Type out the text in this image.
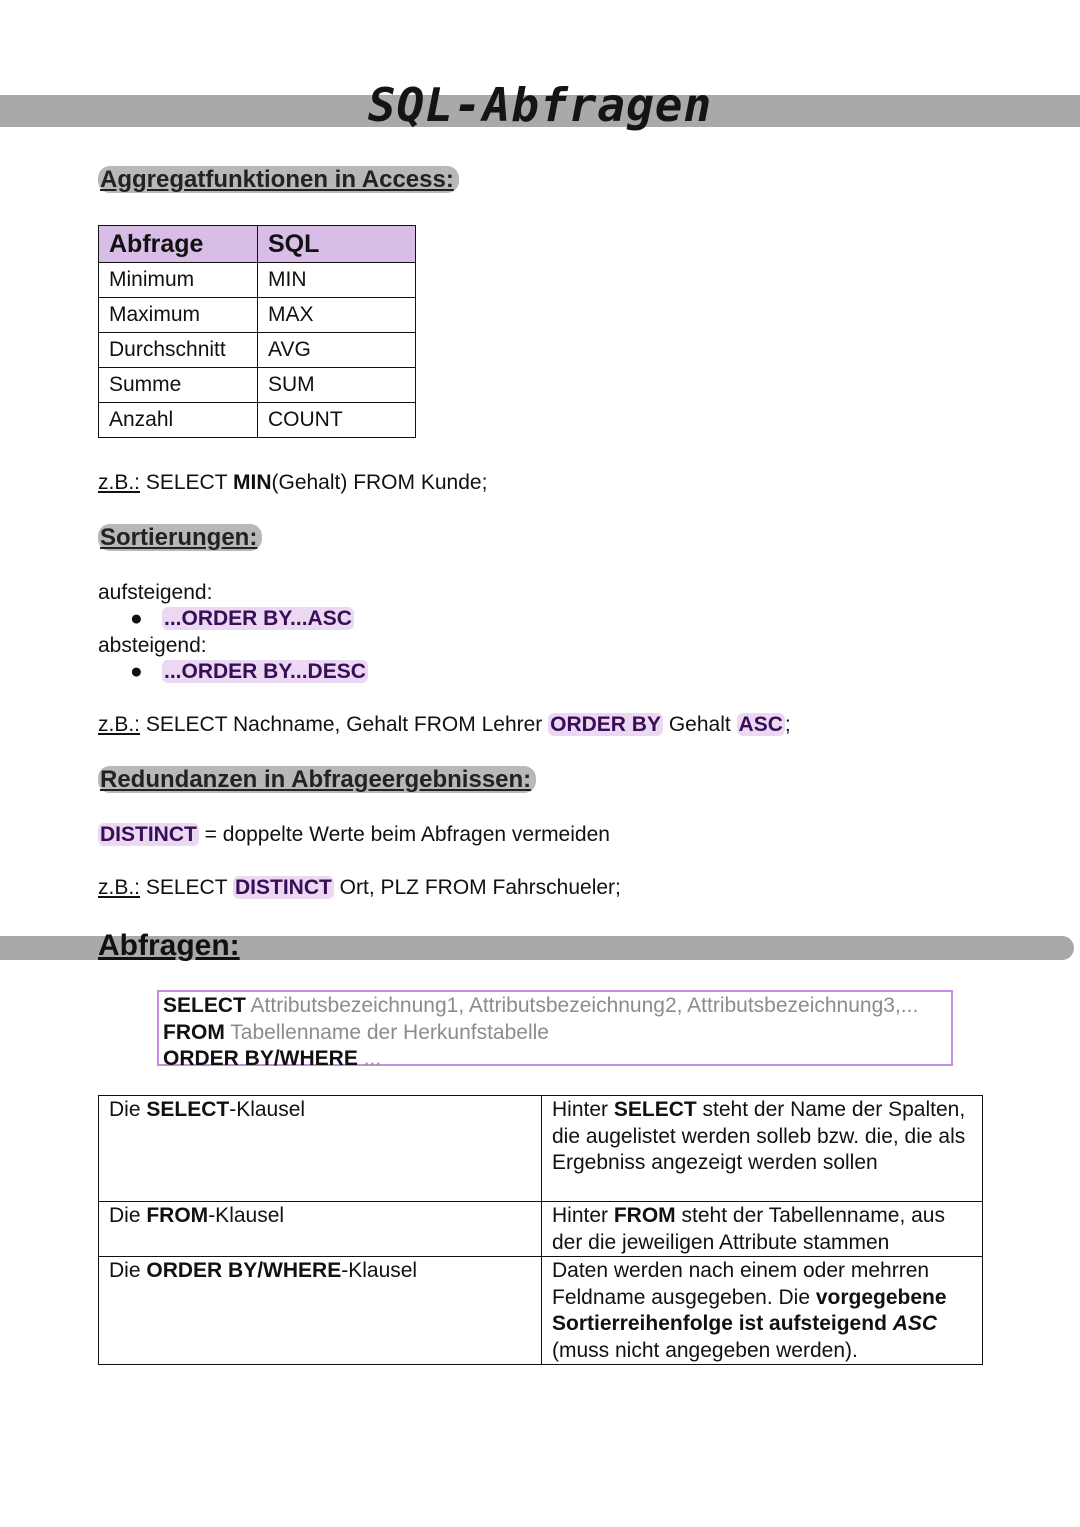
SQL-Abfragen
Aggregatfunktionen in Access:
Abfrage	SQL
Minimum	MIN
Maximum	MAX
Durchschnitt	AVG
Summe	SUM
Anzahl	COUNT
z.B.: SELECT MIN(Gehalt) FROM Kunde;
Sortierungen:
aufsteigend:
● ...ORDER BY...ASC
absteigend:
● ...ORDER BY...DESC
z.B.: SELECT Nachname, Gehalt FROM Lehrer ORDER BY Gehalt ASC;
Redundanzen in Abfrageergebnissen:
DISTINCT = doppelte Werte beim Abfragen vermeiden
z.B.: SELECT DISTINCT Ort, PLZ FROM Fahrschueler;
Abfragen:
SELECT Attributsbezeichnung1, Attributsbezeichnung2, Attributsbezeichnung3,...
FROM Tabellenname der Herkunfstabelle
ORDER BY/WHERE ...
Die SELECT-Klausel	Hinter SELECT steht der Name der Spalten, die augelistet werden solleb bzw. die, die als Ergebniss angezeigt werden sollen
Die FROM-Klausel	Hinter FROM steht der Tabellenname, aus der die jeweiligen Attribute stammen
Die ORDER BY/WHERE-Klausel	Daten werden nach einem oder mehrren Feldname ausgegeben. Die vorgegebene Sortierreihenfolge ist aufsteigend ASC (muss nicht angegeben werden).
